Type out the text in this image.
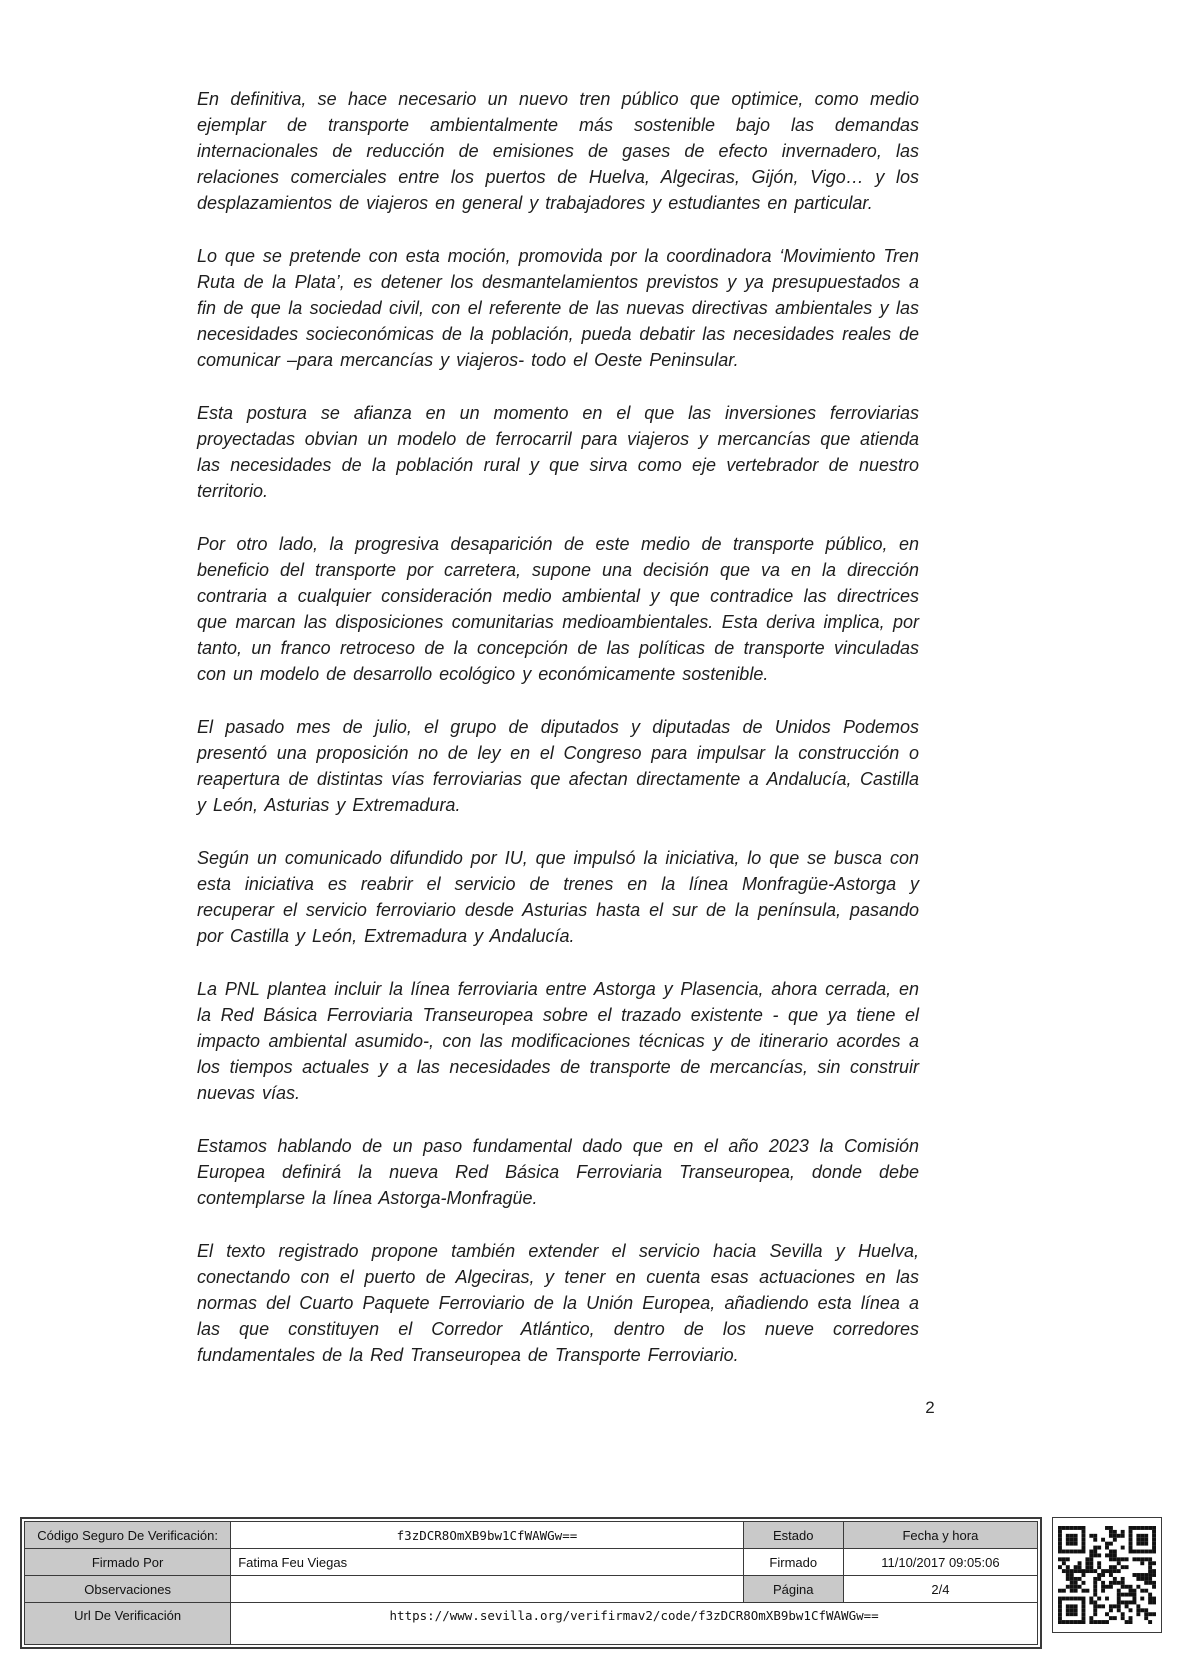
En definitiva, se hace necesario un nuevo tren público que optimice, como medio ejemplar de transporte ambientalmente más sostenible bajo las demandas internacionales de reducción de emisiones de gases de efecto invernadero, las relaciones comerciales entre los puertos de Huelva, Algeciras, Gijón, Vigo… y los desplazamientos de viajeros en general y trabajadores y estudiantes en particular.

Lo que se pretende con esta moción, promovida por la coordinadora ‘Movimiento Tren Ruta de la Plata’, es detener los desmantelamientos previstos y ya presupuestados a fin de que la sociedad civil, con el referente de las nuevas directivas ambientales y las necesidades socieconómicas de la población, pueda debatir las necesidades reales de comunicar –para mercancías y viajeros- todo el Oeste Peninsular.

Esta postura se afianza en un momento en el que las inversiones ferroviarias proyectadas obvian un modelo de ferrocarril para viajeros y mercancías que atienda las necesidades de la población rural y que sirva como eje vertebrador de nuestro territorio.

Por otro lado, la progresiva desaparición de este medio de transporte público, en beneficio del transporte por carretera, supone una decisión que va en la dirección contraria a cualquier consideración medio ambiental y que contradice las directrices que marcan las disposiciones comunitarias medioambientales. Esta deriva implica, por tanto, un franco retroceso de la concepción de las políticas de transporte vinculadas con un modelo de desarrollo ecológico y económicamente sostenible.

El pasado mes de julio, el grupo de diputados y diputadas de Unidos Podemos presentó una proposición no de ley en el Congreso para impulsar la construcción o reapertura de distintas vías ferroviarias que afectan directamente a Andalucía, Castilla y León, Asturias y Extremadura.

Según un comunicado difundido por IU, que impulsó la iniciativa, lo que se busca con esta iniciativa es reabrir el servicio de trenes en la línea Monfragüe-Astorga y recuperar el servicio ferroviario desde Asturias hasta el sur de la península, pasando por Castilla y León, Extremadura y Andalucía.

La PNL plantea incluir la línea ferroviaria entre Astorga y Plasencia, ahora cerrada, en la Red Básica Ferroviaria Transeuropea sobre el trazado existente - que ya tiene el impacto ambiental asumido-, con las modificaciones técnicas y de itinerario acordes a los tiempos actuales y a las necesidades de transporte de mercancías, sin construir nuevas vías.

Estamos hablando de un paso fundamental dado que en el año 2023 la Comisión Europea definirá la nueva Red Básica Ferroviaria Transeuropea, donde debe contemplarse la línea Astorga-Monfragüe.

El texto registrado propone también extender el servicio hacia Sevilla y Huelva, conectando con el puerto de Algeciras, y tener en cuenta esas actuaciones en las normas del Cuarto Paquete Ferroviario de la Unión Europea, añadiendo esta línea a las que constituyen el Corredor Atlántico, dentro de los nueve corredores fundamentales de la Red Transeuropea de Transporte Ferroviario.

2
Código Seguro De Verificación:	f3zDCR8OmXB9bw1CfWAWGw==	Estado	Fecha y hora
Firmado Por	Fatima Feu Viegas	Firmado	11/10/2017 09:05:06
Observaciones		Página	2/4
Url De Verificación	https://www.sevilla.org/verifirmav2/code/f3zDCR8OmXB9bw1CfWAWGw==		
